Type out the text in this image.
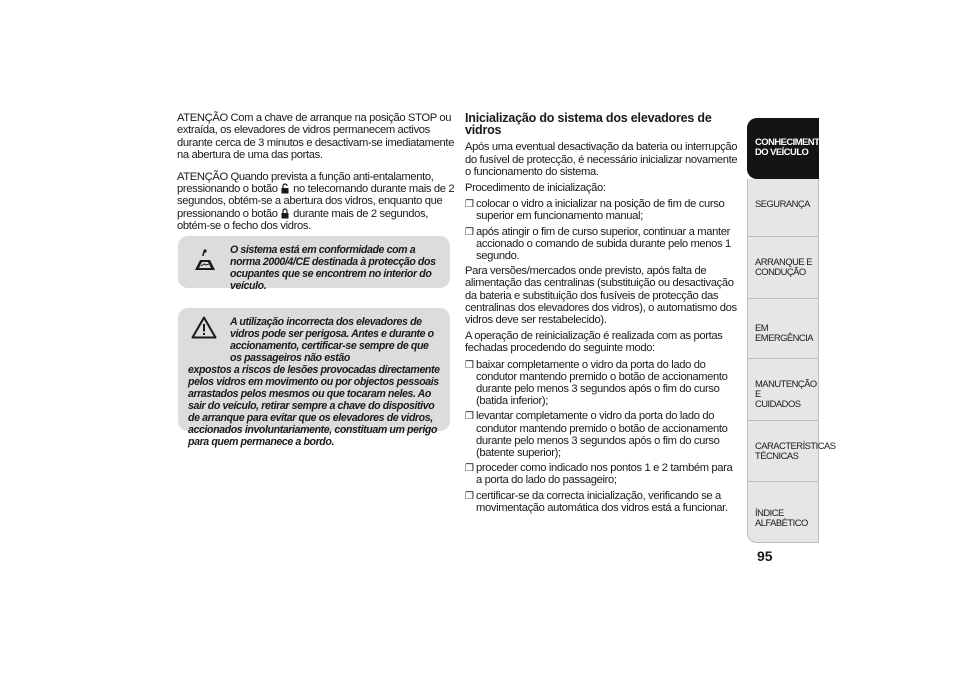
ATENÇÃO Com a chave de arranque na posição STOP ou extraída, os elevadores de vidros permanecem activos durante cerca de 3 minutos e desactivam-se imediatamente na abertura de uma das portas.

ATENÇÃO Quando prevista a função anti-entalamento, pressionando o botão no telecomando durante mais de 2 segundos, obtém-se a abertura dos vidros, enquanto que pressionando o botão durante mais de 2 segundos, obtém-se o fecho dos vidros.

O sistema está em conformidade com a norma 2000/4/CE destinada à protecção dos ocupantes que se encontrem no interior do veículo.
A utilização incorrecta dos elevadores de vidros pode ser perigosa. Antes e durante o accionamento, certificar-se sempre de que os passageiros não estão
expostos a riscos de lesões provocadas directamente pelos vidros em movimento ou por objectos pessoais arrastados pelos mesmos ou que tocaram neles. Ao sair do veículo, retirar sempre a chave do dispositivo de arranque para evitar que os elevadores de vidros, accionados involuntariamente, constituam um perigo para quem permanece a bordo.
Inicialização do sistema dos elevadores de vidros

Após uma eventual desactivação da bateria ou interrupção do fusível de protecção, é necessário inicializar novamente o funcionamento do sistema.

Procedimento de inicialização:

❒ colocar o vidro a inicializar na posição de fim de curso superior em funcionamento manual;
❒ após atingir o fim de curso superior, continuar a manter accionado o comando de subida durante pelo menos 1 segundo.

Para versões/mercados onde previsto, após falta de alimentação das centralinas (substituição ou desactivação da bateria e substituição dos fusíveis de protecção das centralinas dos elevadores dos vidros), o automatismo dos vidros deve ser restabelecido).

A operação de reinicialização é realizada com as portas fechadas procedendo do seguinte modo:

❒ baixar completamente o vidro da porta do lado do condutor mantendo premido o botão de accionamento durante pelo menos 3 segundos após o fim do curso (batida inferior);
❒ levantar completamente o vidro da porta do lado do condutor mantendo premido o botão de accionamento durante pelo menos 3 segundos após o fim do curso (batente superior);
❒ proceder como indicado nos pontos 1 e 2 também para a porta do lado do passageiro;
❒ certificar-se da correcta inicialização, verificando se a movimentação automática dos vidros está a funcionar.
CONHECIMENTO
DO VEÍCULO
SEGURANÇA
ARRANQUE E
CONDUÇÃO
EM EMERGÊNCIA
MANUTENÇÃO E
CUIDADOS
CARACTERÍSTICAS
TÉCNICAS
ÍNDICE ALFABÉTICO
95
